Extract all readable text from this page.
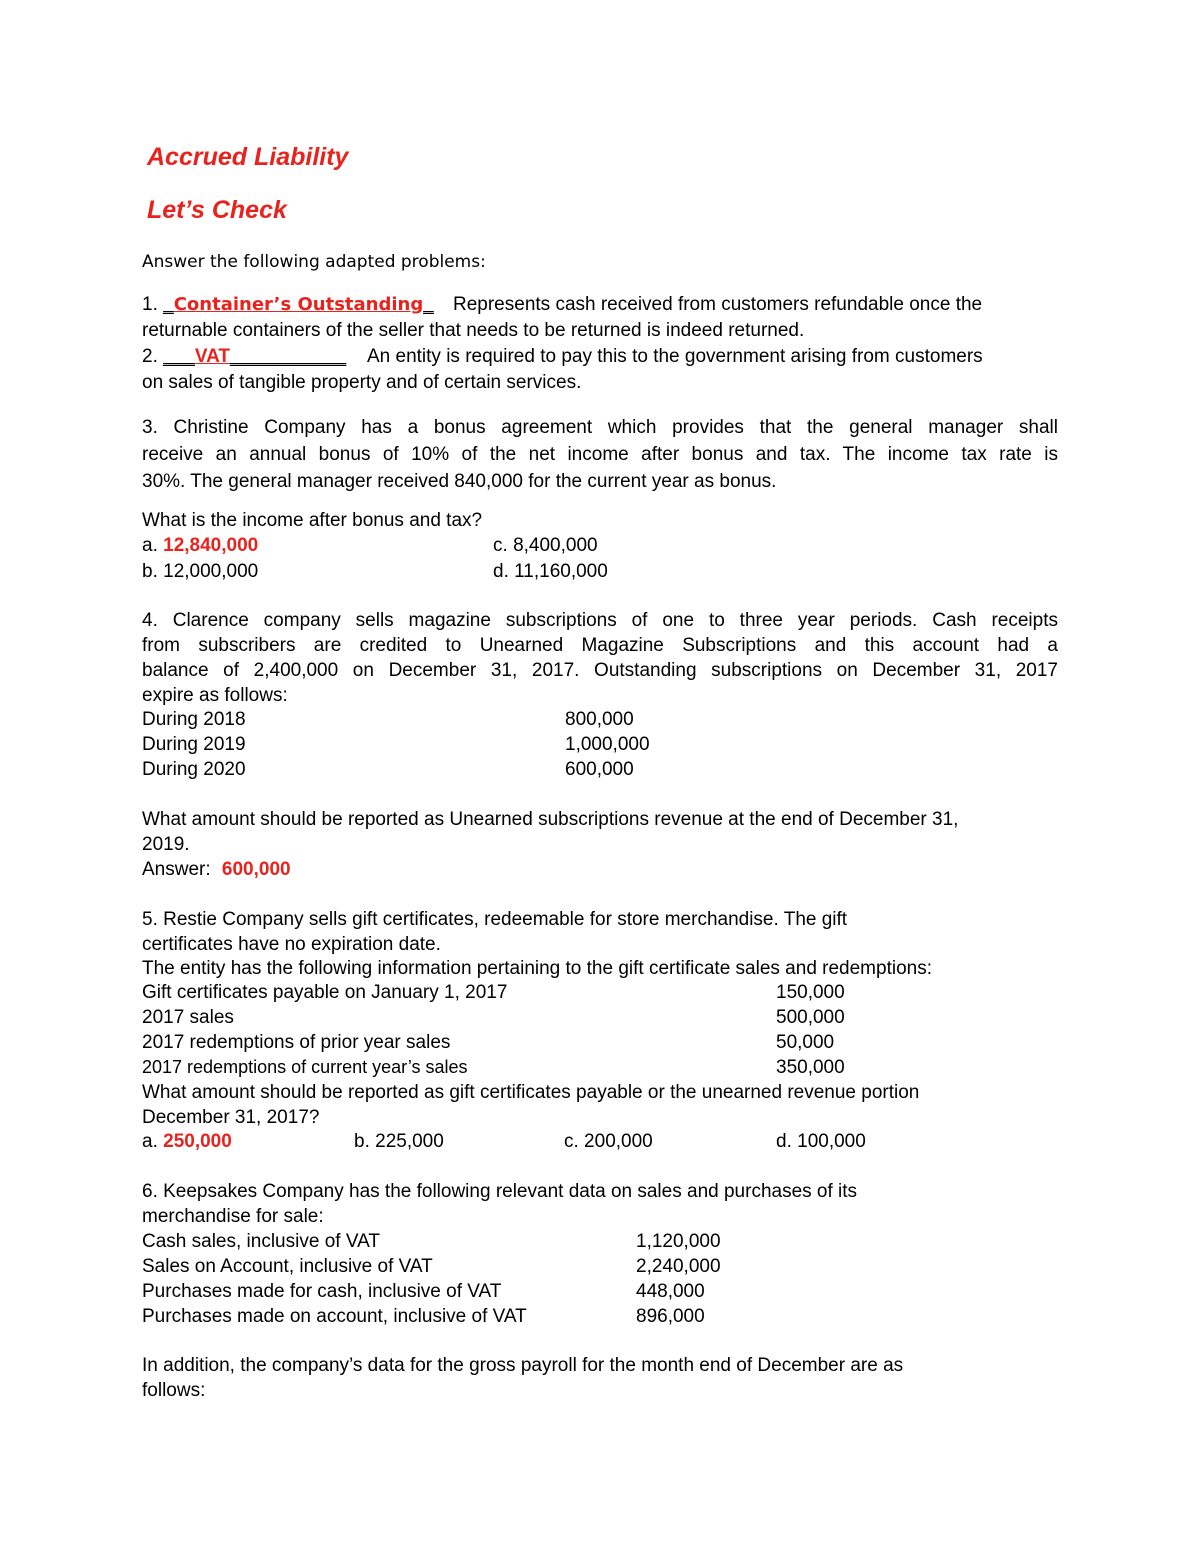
Accrued Liability
Let’s Check
Answer the following adapted problems:
1. _Container’s Outstanding_ Represents cash received from customers refundable once the
returnable containers of the seller that needs to be returned is indeed returned.
2. ___VAT___________ An entity is required to pay this to the government arising from customers
on sales of tangible property and of certain services.
3. Christine Company has a bonus agreement which provides that the general manager shall
receive an annual bonus of 10% of the net income after bonus and tax. The income tax rate is
30%. The general manager received 840,000 for the current year as bonus.
What is the income after bonus and tax?
a. 12,840,000	c. 8,400,000
b. 12,000,000	d. 11,160,000
4. Clarence company sells magazine subscriptions of one to three year periods. Cash receipts
from subscribers are credited to Unearned Magazine Subscriptions and this account had a
balance of 2,400,000 on December 31, 2017. Outstanding subscriptions on December 31, 2017
expire as follows:
During 2018	800,000
During 2019	1,000,000
During 2020	600,000
What amount should be reported as Unearned subscriptions revenue at the end of December 31,
2019.
Answer: 600,000
5. Restie Company sells gift certificates, redeemable for store merchandise. The gift
certificates have no expiration date.
The entity has the following information pertaining to the gift certificate sales and redemptions:
Gift certificates payable on January 1, 2017	150,000
2017 sales	500,000
2017 redemptions of prior year sales	50,000
2017 redemptions of current year’s sales	350,000
What amount should be reported as gift certificates payable or the unearned revenue portion
December 31, 2017?
a. 250,000	b. 225,000	c. 200,000	d. 100,000
6. Keepsakes Company has the following relevant data on sales and purchases of its
merchandise for sale:
Cash sales, inclusive of VAT	1,120,000
Sales on Account, inclusive of VAT	2,240,000
Purchases made for cash, inclusive of VAT	448,000
Purchases made on account, inclusive of VAT	896,000
In addition, the company’s data for the gross payroll for the month end of December are as
follows:
